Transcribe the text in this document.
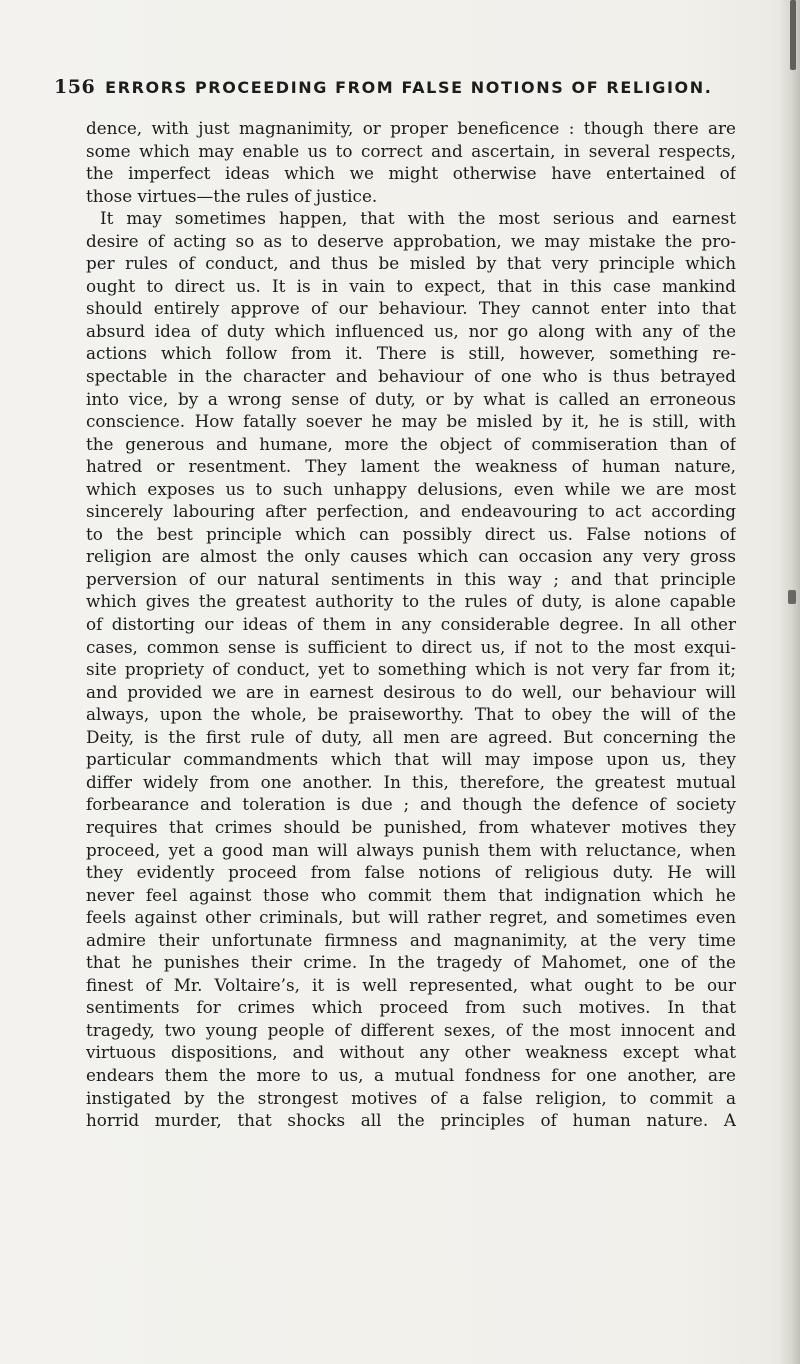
156 ERRORS PROCEEDING FROM FALSE NOTIONS OF RELIGION.
dence, with just magnanimity, or proper beneficence : though there are
some which may enable us to correct and ascertain, in several respects,
the imperfect ideas which we might otherwise have entertained of
those virtues—the rules of justice.
It may sometimes happen, that with the most serious and earnest
desire of acting so as to deserve approbation, we may mistake the pro-
per rules of conduct, and thus be misled by that very principle which
ought to direct us. It is in vain to expect, that in this case mankind
should entirely approve of our behaviour. They cannot enter into that
absurd idea of duty which influenced us, nor go along with any of the
actions which follow from it. There is still, however, something re-
spectable in the character and behaviour of one who is thus betrayed
into vice, by a wrong sense of duty, or by what is called an erroneous
conscience. How fatally soever he may be misled by it, he is still, with
the generous and humane, more the object of commiseration than of
hatred or resentment. They lament the weakness of human nature,
which exposes us to such unhappy delusions, even while we are most
sincerely labouring after perfection, and endeavouring to act according
to the best principle which can possibly direct us. False notions of
religion are almost the only causes which can occasion any very gross
perversion of our natural sentiments in this way ; and that principle
which gives the greatest authority to the rules of duty, is alone capable
of distorting our ideas of them in any considerable degree. In all other
cases, common sense is sufficient to direct us, if not to the most exqui-
site propriety of conduct, yet to something which is not very far from it;
and provided we are in earnest desirous to do well, our behaviour will
always, upon the whole, be praiseworthy. That to obey the will of the
Deity, is the first rule of duty, all men are agreed. But concerning the
particular commandments which that will may impose upon us, they
differ widely from one another. In this, therefore, the greatest mutual
forbearance and toleration is due ; and though the defence of society
requires that crimes should be punished, from whatever motives they
proceed, yet a good man will always punish them with reluctance, when
they evidently proceed from false notions of religious duty. He will
never feel against those who commit them that indignation which he
feels against other criminals, but will rather regret, and sometimes even
admire their unfortunate firmness and magnanimity, at the very time
that he punishes their crime. In the tragedy of Mahomet, one of the
finest of Mr. Voltaire’s, it is well represented, what ought to be our
sentiments for crimes which proceed from such motives. In that
tragedy, two young people of different sexes, of the most innocent and
virtuous dispositions, and without any other weakness except what
endears them the more to us, a mutual fondness for one another, are
instigated by the strongest motives of a false religion, to commit a
horrid murder, that shocks all the principles of human nature. A
